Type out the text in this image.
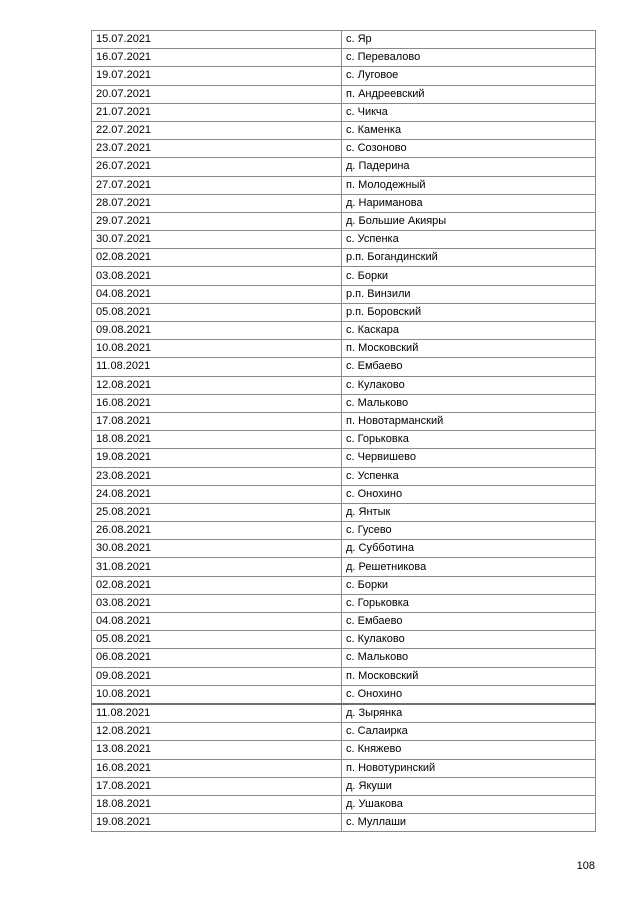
15.07.2021	с. Яр
16.07.2021	с. Перевалово
19.07.2021	с. Луговое
20.07.2021	п. Андреевский
21.07.2021	с. Чикча
22.07.2021	с. Каменка
23.07.2021	с. Созоново
26.07.2021	д. Падерина
27.07.2021	п. Молодежный
28.07.2021	д. Нариманова
29.07.2021	д. Большие Акияры
30.07.2021	с. Успенка
02.08.2021	р.п. Богандинский
03.08.2021	с. Борки
04.08.2021	р.п. Винзили
05.08.2021	р.п. Боровский
09.08.2021	с. Каскара
10.08.2021	п. Московский
11.08.2021	с. Ембаево
12.08.2021	с. Кулаково
16.08.2021	с. Мальково
17.08.2021	п. Новотарманский
18.08.2021	с. Горьковка
19.08.2021	с. Червишево
23.08.2021	с. Успенка
24.08.2021	с. Онохино
25.08.2021	д. Янтык
26.08.2021	с. Гусево
30.08.2021	д. Субботина
31.08.2021	д. Решетникова
02.08.2021	с. Борки
03.08.2021	с. Горьковка
04.08.2021	с. Ембаево
05.08.2021	с. Кулаково
06.08.2021	с. Мальково
09.08.2021	п. Московский
10.08.2021	с. Онохино
11.08.2021	д. Зырянка
12.08.2021	с. Салаирка
13.08.2021	с. Княжево
16.08.2021	п. Новотуринский
17.08.2021	д. Якуши
18.08.2021	д. Ушакова
19.08.2021	с. Муллаши
108
